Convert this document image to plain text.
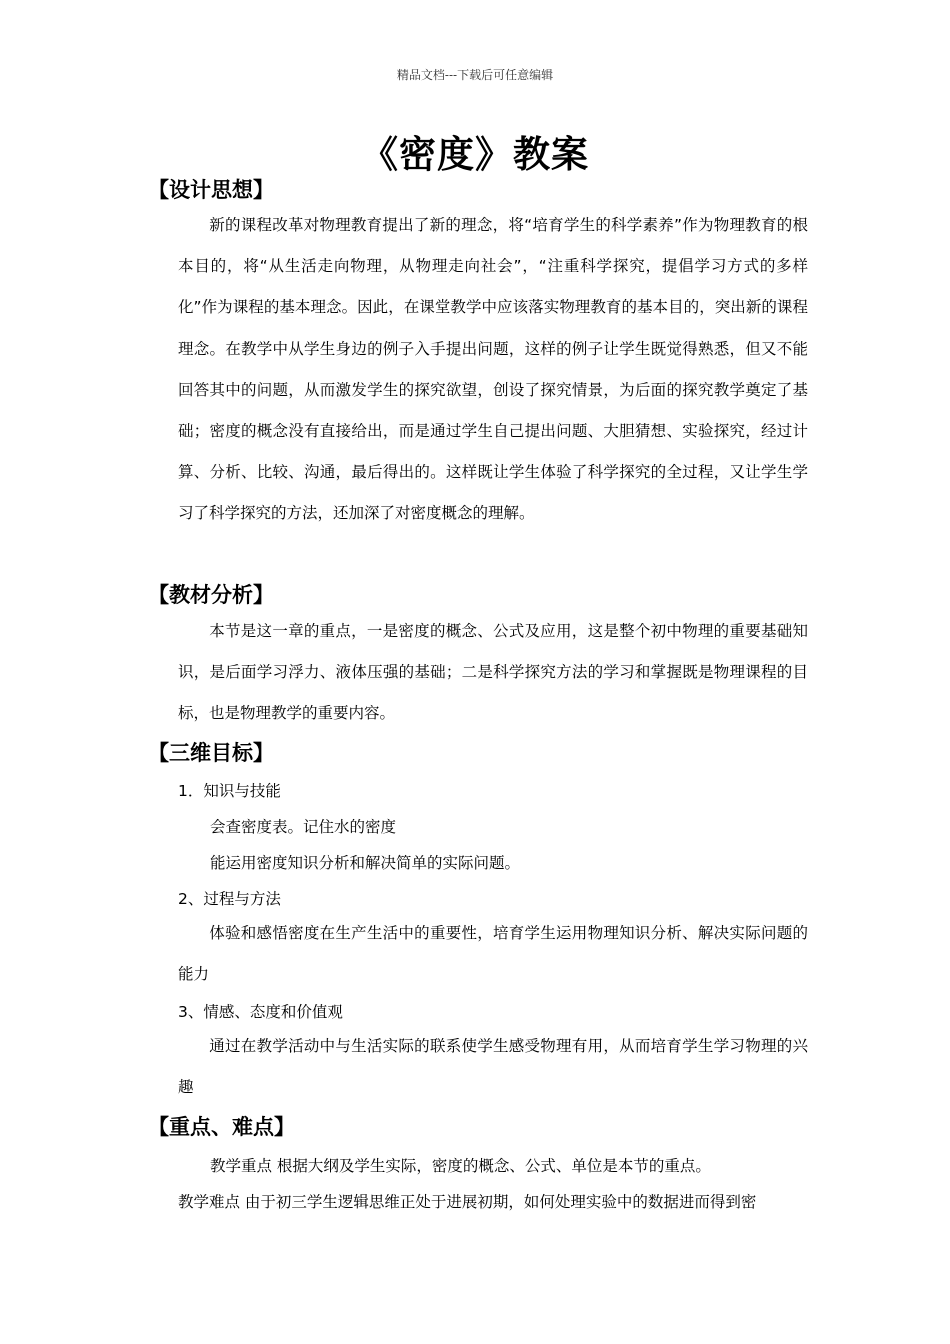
精品文档---下载后可任意编辑
《密度》教案
【设计思想】
新的课程改革对物理教育提出了新的理念，将“培育学生的科学素养”作为物理教育的根本目的，将“从生活走向物理，从物理走向社会”，“注重科学探究，提倡学习方式的多样化”作为课程的基本理念。因此，在课堂教学中应该落实物理教育的基本目的，突出新的课程理念。在教学中从学生身边的例子入手提出问题，这样的例子让学生既觉得熟悉，但又不能回答其中的问题，从而激发学生的探究欲望，创设了探究情景，为后面的探究教学奠定了基础；密度的概念没有直接给出，而是通过学生自己提出问题、大胆猜想、实验探究，经过计算、分析、比较、沟通，最后得出的。这样既让学生体验了科学探究的全过程，又让学生学习了科学探究的方法，还加深了对密度概念的理解。
【教材分析】
本节是这一章的重点，一是密度的概念、公式及应用，这是整个初中物理的重要基础知识，是后面学习浮力、液体压强的基础；二是科学探究方法的学习和掌握既是物理课程的目标，也是物理教学的重要内容。
【三维目标】
1．知识与技能
会查密度表。记住水的密度
能运用密度知识分析和解决简单的实际问题。
2、过程与方法
体验和感悟密度在生产生活中的重要性，培育学生运用物理知识分析、解决实际问题的能力
3、情感、态度和价值观
通过在教学活动中与生活实际的联系使学生感受物理有用，从而培育学生学习物理的兴趣
【重点、难点】
教学重点 根据大纲及学生实际，密度的概念、公式、单位是本节的重点。
教学难点 由于初三学生逻辑思维正处于进展初期，如何处理实验中的数据进而得到密
